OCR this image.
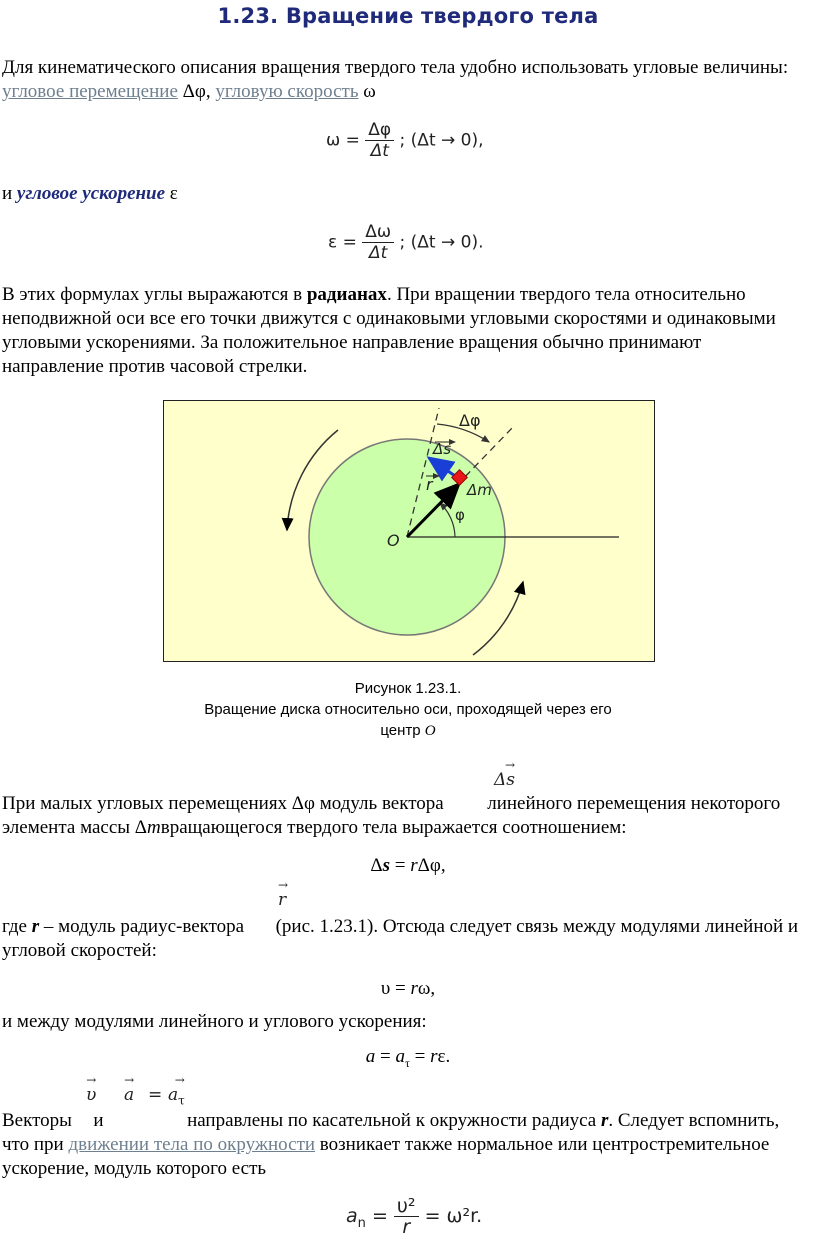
1.23. Вращение твердого тела
Для кинематического описания вращения твердого тела удобно использовать угловые величины: угловое перемещение Δφ, угловую скорость ω
$\omega = \frac{\Delta\varphi}{\Delta t}$ ; (Δt → 0),
и угловое ускорение ε
$\varepsilon = \frac{\Delta\omega}{\Delta t}$ ; (Δt → 0).
В этих формулах углы выражаются в радианах. При вращении твердого тела относительно неподвижной оси все его точки движутся с одинаковыми угловыми скоростями и одинаковыми угловыми ускорениями. За положительное направление вращения обычно принимают направление против часовой стрелки.
O
φ
Δφ
Δs
r Δm
Рисунок 1.23.1.
Вращение диска относительно оси, проходящей через его
центр O
→
Δs
При малых угловых перемещениях Δφ модуль вектора  линейного перемещения некоторого элемента массы Δmвращающегося твердого тела выражается соотношением:
Δs = rΔφ,
→
r
где r – модуль радиус-вектора  (рис. 1.23.1). Отсюда следует связь между модулями линейной и угловой скоростей:
υ = rω,
и между модулями линейного и углового ускорения:
$a = a_\tau = r\varepsilon$.
→
υ
→
a =
→
$a_\tau$
Векторы  и	направлены по касательной к окружности радиуса r. Следует вспомнить, что при движении тела по окружности возникает также нормальное или центростремительное ускорение, модуль которого есть
$a_n = \frac{\text{υ²}}{r} = \omega^2r$.
